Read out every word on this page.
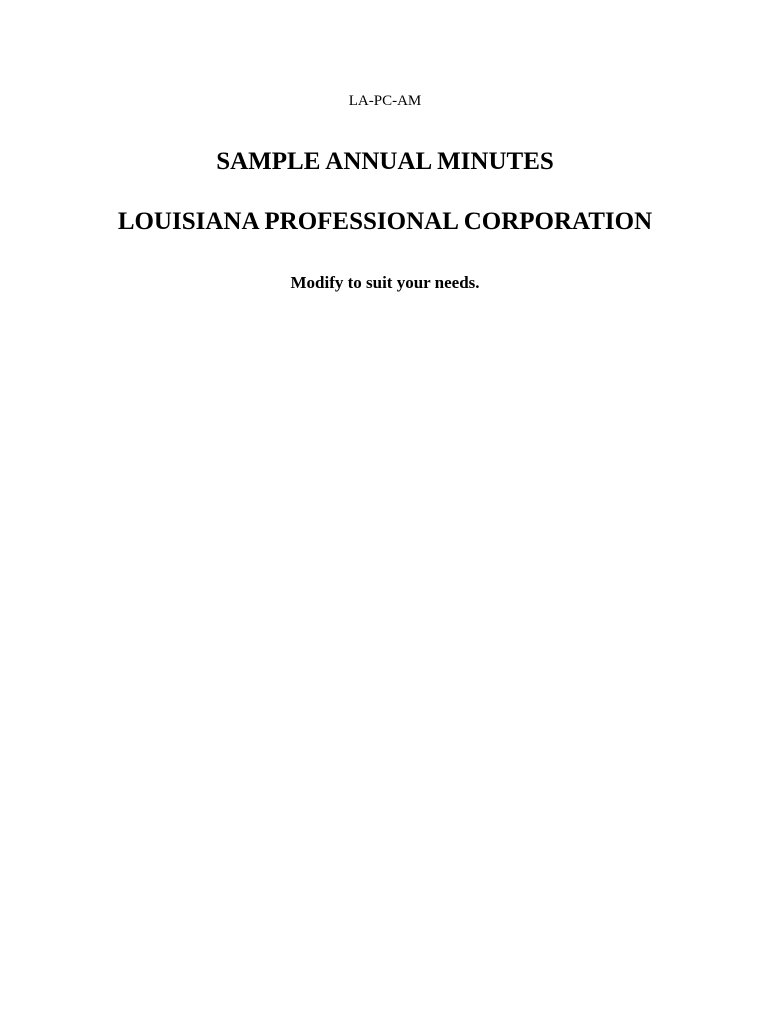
LA-PC-AM
SAMPLE ANNUAL MINUTES
LOUISIANA PROFESSIONAL CORPORATION
Modify to suit your needs.
